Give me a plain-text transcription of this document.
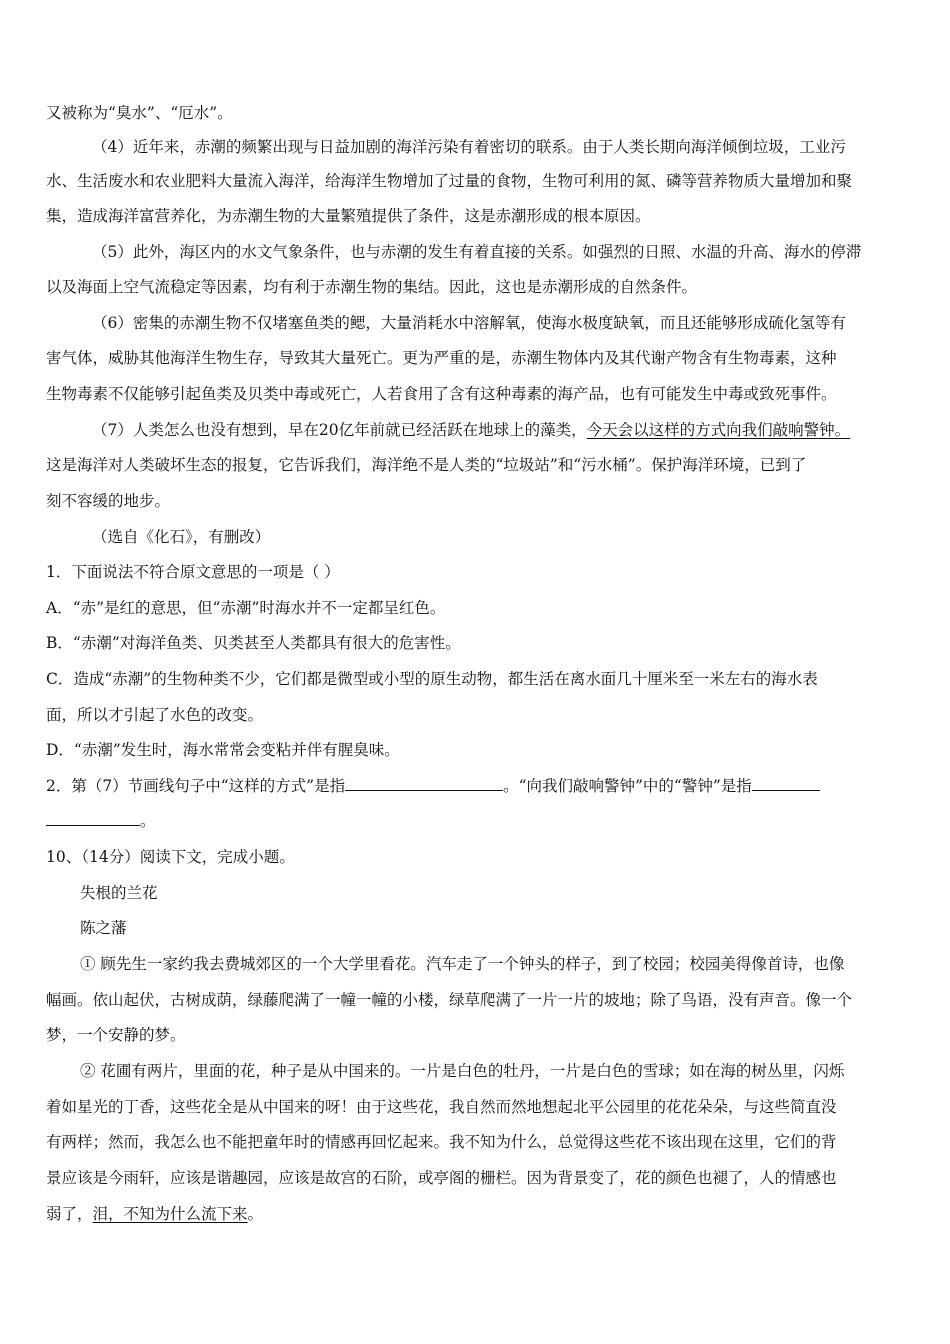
又被称为“臭水”、“厄水”。
（4）近年来，赤潮的频繁出现与日益加剧的海洋污染有着密切的联系。由于人类长期向海洋倾倒垃圾，工业污
水、生活废水和农业肥料大量流入海洋，给海洋生物增加了过量的食物，生物可利用的氮、磷等营养物质大量增加和聚
集，造成海洋富营养化，为赤潮生物的大量繁殖提供了条件，这是赤潮形成的根本原因。
（5）此外，海区内的水文气象条件，也与赤潮的发生有着直接的关系。如强烈的日照、水温的升高、海水的停滞
以及海面上空气流稳定等因素，均有利于赤潮生物的集结。因此，这也是赤潮形成的自然条件。
（6）密集的赤潮生物不仅堵塞鱼类的鳃，大量消耗水中溶解氧，使海水极度缺氧，而且还能够形成硫化氢等有
害气体，威胁其他海洋生物生存，导致其大量死亡。更为严重的是，赤潮生物体内及其代谢产物含有生物毒素，这种
生物毒素不仅能够引起鱼类及贝类中毒或死亡，人若食用了含有这种毒素的海产品，也有可能发生中毒或致死事件。
（7）人类怎么也没有想到，早在20亿年前就已经活跃在地球上的藻类，今天会以这样的方式向我们敲响警钟。
这是海洋对人类破坏生态的报复，它告诉我们，海洋绝不是人类的“垃圾站”和“污水桶”。保护海洋环境，已到了
刻不容缓的地步。
（选自《化石》，有删改）
1．下面说法不符合原文意思的一项是（ ）
A．“赤”是红的意思，但“赤潮”时海水并不一定都呈红色。
B．“赤潮”对海洋鱼类、贝类甚至人类都具有很大的危害性。
C．造成“赤潮”的生物种类不少，它们都是微型或小型的原生动物，都生活在离水面几十厘米至一米左右的海水表
面，所以才引起了水色的改变。
D．“赤潮”发生时，海水常常会变粘并伴有腥臭味。
2．第（7）节画线句子中“这样的方式”是指	。“向我们敲响警钟”中的“警钟”是指
。
10、（14分）阅读下文，完成小题。
失根的兰花
陈之藩
① 顾先生一家约我去费城郊区的一个大学里看花。汽车走了一个钟头的样子，到了校园；校园美得像首诗，也像
幅画。依山起伏，古树成荫，绿藤爬满了一幢一幢的小楼，绿草爬满了一片一片的坡地；除了鸟语，没有声音。像一个
梦，一个安静的梦。
② 花圃有两片，里面的花，种子是从中国来的。一片是白色的牡丹，一片是白色的雪球；如在海的树丛里，闪烁
着如星光的丁香，这些花全是从中国来的呀！由于这些花，我自然而然地想起北平公园里的花花朵朵，与这些简直没
有两样；然而，我怎么也不能把童年时的情感再回忆起来。我不知为什么，总觉得这些花不该出现在这里，它们的背
景应该是今雨轩，应该是谐趣园，应该是故宫的石阶，或亭阁的栅栏。因为背景变了，花的颜色也褪了，人的情感也
弱了，泪，不知为什么流下来。
